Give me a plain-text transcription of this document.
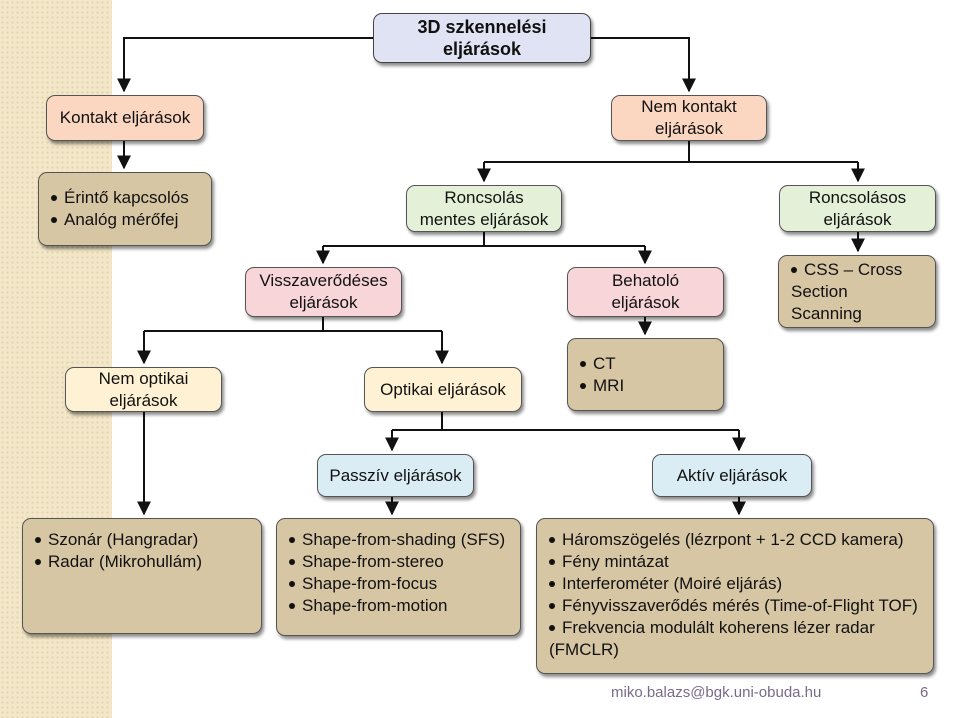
3D szkennelési
eljárások
Kontakt eljárások
Nem kontakt
eljárások
Érintő kapcsolós
Analóg mérőfej
Roncsolás
mentes eljárások
Roncsolásos
eljárások
Visszaverődéses
eljárások
Behatoló
eljárások
CSS – Cross
Section Scanning
Nem optikai
eljárások
Optikai eljárások
CT
MRI
Passzív eljárások	Aktív eljárások
Szonár (Hangradar)
Radar (Mikrohullám)
Shape-from-shading (SFS)
Shape-from-stereo
Shape-from-focus
Shape-from-motion
Háromszögelés (lézrpont + 1-2 CCD kamera)
Fény mintázat
Interferométer (Moiré eljárás)
Fényvisszaverődés mérés (Time-of-Flight TOF)
Frekvencia modulált koherens lézer radar
(FMCLR)
miko.balazs@bgk.uni-obuda.hu	6
